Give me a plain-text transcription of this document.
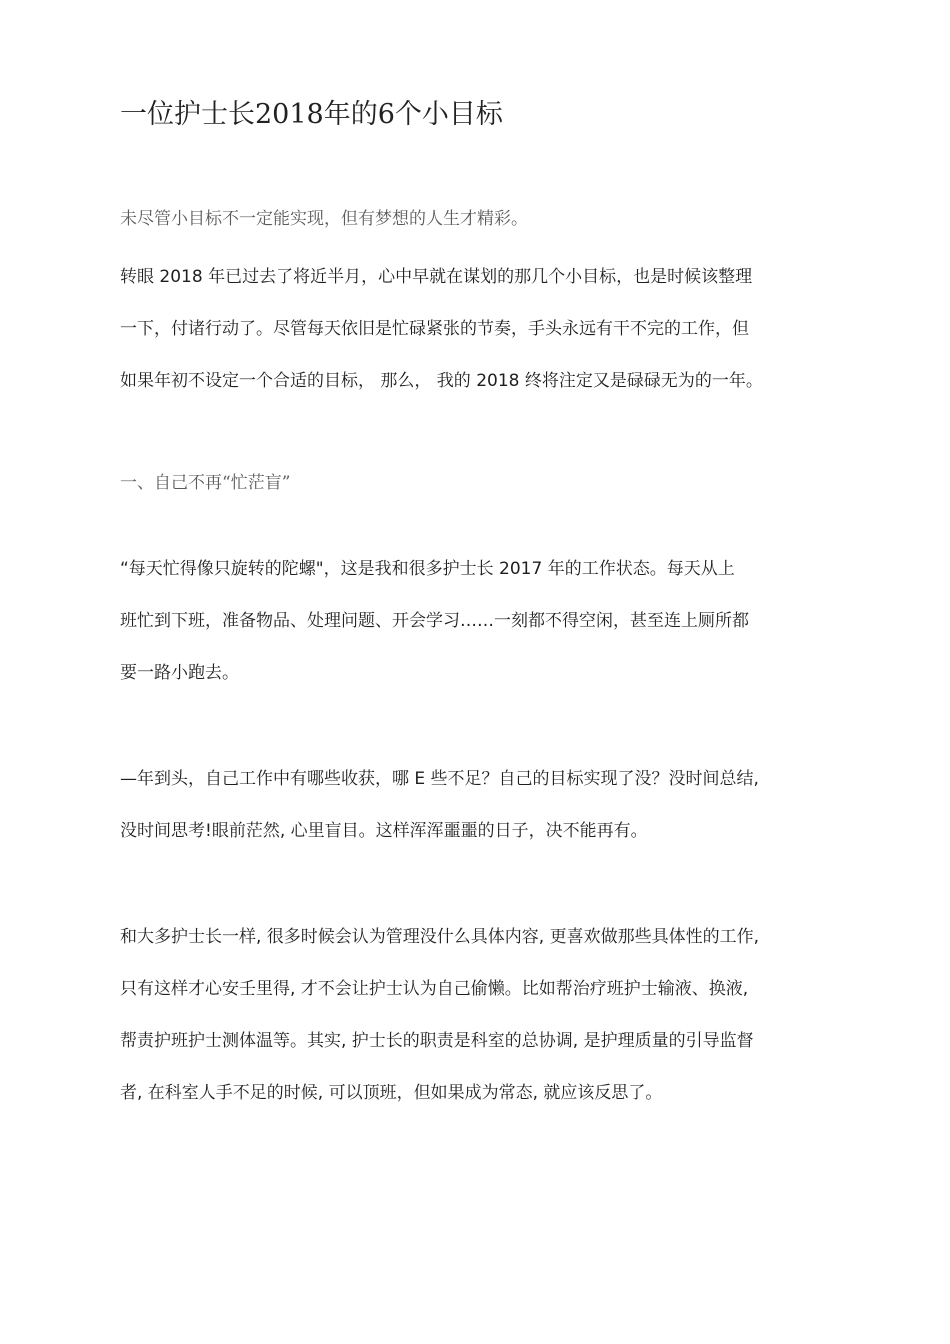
一位护士长2018年的6个小目标

未尽管小目标不一定能实现，但有梦想的人生才精彩。

转眼 2018 年已过去了将近半月，心中早就在谋划的那几个小目标，也是时候该整理
一下，付诸行动了。尽管每天依旧是忙碌紧张的节奏，手头永远有干不完的工作，但
如果年初不设定一个合适的目标， 那么， 我的 2018 终将注定又是碌碌无为的一年。
一、自己不再“忙茫盲”
“每天忙得像只旋转的陀螺"，这是我和很多护士长 2017 年的工作状态。每天从上
班忙到下班，准备物品、处理问题、开会学习……一刻都不得空闲，甚至连上厕所都
要一路小跑去。
—年到头，自己工作中有哪些收获，哪 E 些不足？自己的目标实现了没？没时间总结,
没时间思考!眼前茫然, 心里盲目。这样浑浑噩噩的日子，决不能再有。
和大多护士长一样, 很多时候会认为管理没什么具体内容, 更喜欢做那些具体性的工作,
只有这样才心安壬里得, 才不会让护士认为自己偷懒。比如帮治疗班护士输液、换液,
帮责护班护士测体温等。其实, 护士长的职责是科室的总协调, 是护理质量的引导监督
者, 在科室人手不足的时候, 可以顶班，但如果成为常态, 就应该反思了。
